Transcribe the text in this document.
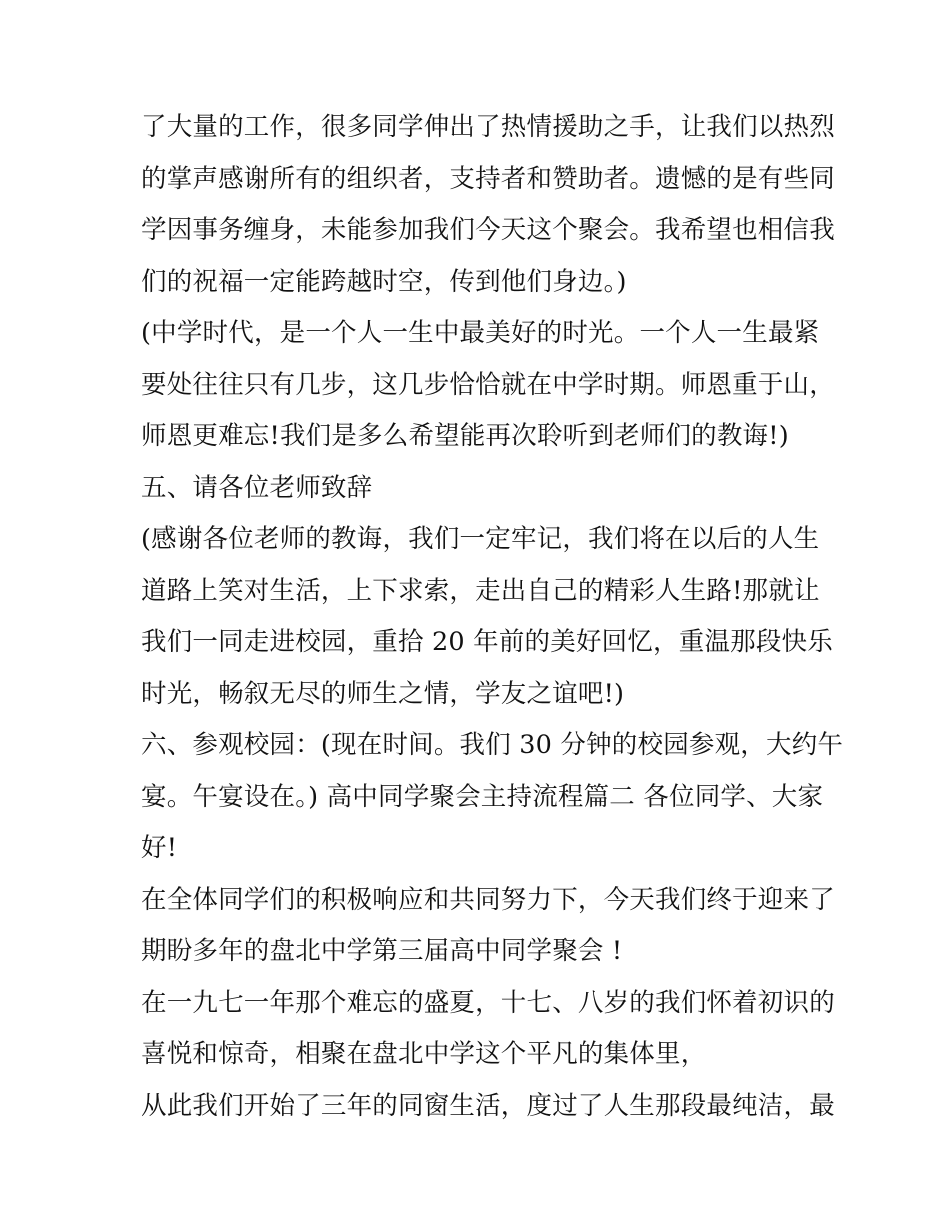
了大量的工作，很多同学伸出了热情援助之手，让我们以热烈
的掌声感谢所有的组织者，支持者和赞助者。遗憾的是有些同
学因事务缠身，未能参加我们今天这个聚会。我希望也相信我
们的祝福一定能跨越时空，传到他们身边。)
(中学时代，是一个人一生中最美好的时光。一个人一生最紧
要处往往只有几步，这几步恰恰就在中学时期。师恩重于山，
师恩更难忘!我们是多么希望能再次聆听到老师们的教诲!)
五、请各位老师致辞
(感谢各位老师的教诲，我们一定牢记，我们将在以后的人生
道路上笑对生活，上下求索，走出自己的精彩人生路!那就让
我们一同走进校园，重拾 20 年前的美好回忆，重温那段快乐
时光，畅叙无尽的师生之情，学友之谊吧!)
六、参观校园：(现在时间。我们 30 分钟的校园参观，大约午
宴。午宴设在。) 高中同学聚会主持流程篇二 各位同学、大家
好!
在全体同学们的积极响应和共同努力下，今天我们终于迎来了
期盼多年的盘北中学第三届高中同学聚会 !
在一九七一年那个难忘的盛夏，十七、八岁的我们怀着初识的
喜悦和惊奇，相聚在盘北中学这个平凡的集体里，
从此我们开始了三年的同窗生活，度过了人生那段最纯洁，最
